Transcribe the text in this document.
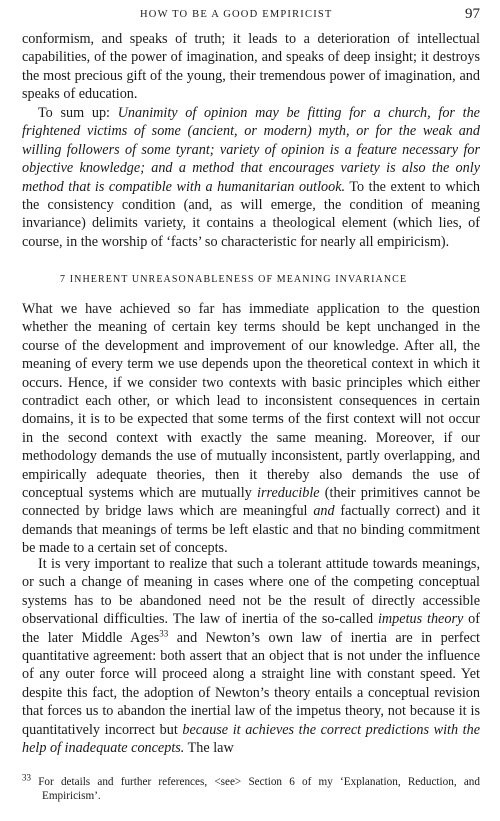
HOW TO BE A GOOD EMPIRICIST	97

conformism, and speaks of truth; it leads to a deterioration of intellectual capabilities, of the power of imagination, and speaks of deep insight; it destroys the most precious gift of the young, their tremendous power of imagination, and speaks of education.

To sum up: Unanimity of opinion may be fitting for a church, for the frightened victims of some (ancient, or modern) myth, or for the weak and willing followers of some tyrant; variety of opinion is a feature necessary for objective knowledge; and a method that encourages variety is also the only method that is compatible with a humanitarian outlook. To the extent to which the consistency condition (and, as will emerge, the condition of meaning invariance) delimits variety, it contains a theological element (which lies, of course, in the worship of ‘facts’ so characteristic for nearly all empiricism).

7 INHERENT UNREASONABLENESS OF MEANING INVARIANCE

What we have achieved so far has immediate application to the question whether the meaning of certain key terms should be kept unchanged in the course of the development and improvement of our knowledge. After all, the meaning of every term we use depends upon the theoretical context in which it occurs. Hence, if we consider two contexts with basic principles which either contradict each other, or which lead to inconsistent consequences in certain domains, it is to be expected that some terms of the first context will not occur in the second context with exactly the same meaning. Moreover, if our methodology demands the use of mutually inconsistent, partly overlapping, and empirically adequate theories, then it thereby also demands the use of conceptual systems which are mutually irreducible (their primitives cannot be connected by bridge laws which are meaningful and factually correct) and it demands that meanings of terms be left elastic and that no binding commitment be made to a certain set of concepts.

It is very important to realize that such a tolerant attitude towards meanings, or such a change of meaning in cases where one of the competing conceptual systems has to be abandoned need not be the result of directly accessible observational difficulties. The law of inertia of the so-called impetus theory of the later Middle Ages$^{33}$ and Newton’s own law of inertia are in perfect quantitative agreement: both assert that an object that is not under the influence of any outer force will proceed along a straight line with constant speed. Yet despite this fact, the adoption of Newton’s theory entails a conceptual revision that forces us to abandon the inertial law of the impetus theory, not because it is quantitatively incorrect but because it achieves the correct predictions with the help of inadequate concepts. The law

$^{33}$ For details and further references, <see> Section 6 of my ‘Explanation, Reduction, and Empiricism’.
